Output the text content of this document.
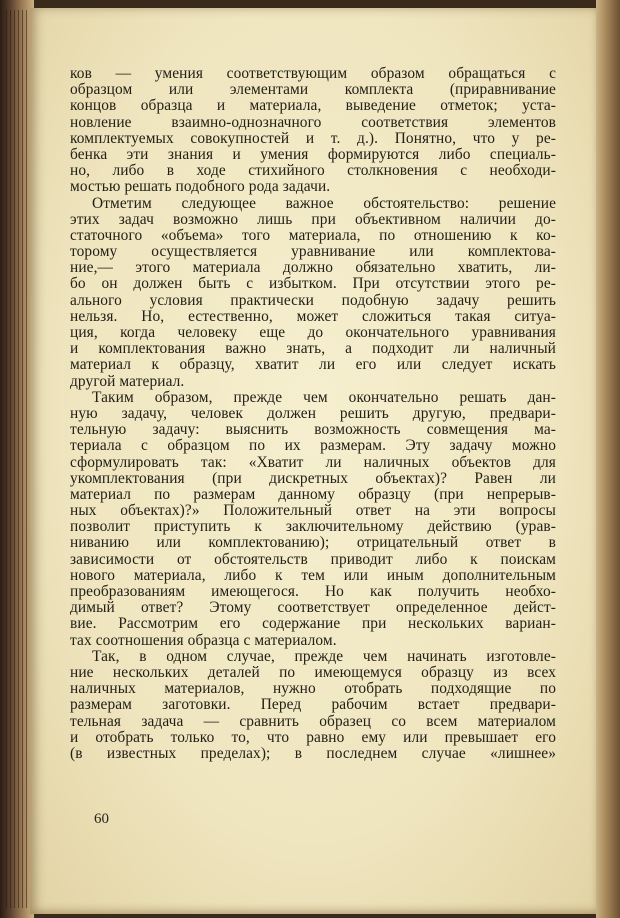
ков — умения соответствующим образом обращаться с
образцом или элементами комплекта (приравнивание
концов образца и материала, выведение отметок; уста-
новление взаимно-однозначного соответствия элементов
комплектуемых совокупностей и т. д.). Понятно, что у ре-
бенка эти знания и умения формируются либо специаль-
но, либо в ходе стихийного столкновения с необходи-
мостью решать подобного рода задачи.
Отметим следующее важное обстоятельство: решение
этих задач возможно лишь при объективном наличии до-
статочного «объема» того материала, по отношению к ко-
торому осуществляется уравнивание или комплектова-
ние,— этого материала должно обязательно хватить, ли-
бо он должен быть с избытком. При отсутствии этого ре-
ального условия практически подобную задачу решить
нельзя. Но, естественно, может сложиться такая ситуа-
ция, когда человеку еще до окончательного уравнивания
и комплектования важно знать, а подходит ли наличный
материал к образцу, хватит ли его или следует искать
другой материал.
Таким образом, прежде чем окончательно решать дан-
ную задачу, человек должен решить другую, предвари-
тельную задачу: выяснить возможность совмещения ма-
териала с образцом по их размерам. Эту задачу можно
сформулировать так: «Хватит ли наличных объектов для
укомплектования (при дискретных объектах)? Равен ли
материал по размерам данному образцу (при непрерыв-
ных объектах)?» Положительный ответ на эти вопросы
позволит приступить к заключительному действию (урав-
ниванию или комплектованию); отрицательный ответ в
зависимости от обстоятельств приводит либо к поискам
нового материала, либо к тем или иным дополнительным
преобразованиям имеющегося. Но как получить необхо-
димый ответ? Этому соответствует определенное дейст-
вие. Рассмотрим его содержание при нескольких вариан-
тах соотношения образца с материалом.
Так, в одном случае, прежде чем начинать изготовле-
ние нескольких деталей по имеющемуся образцу из всех
наличных материалов, нужно отобрать подходящие по
размерам заготовки. Перед рабочим встает предвари-
тельная задача — сравнить образец со всем материалом
и отобрать только то, что равно ему или превышает его
(в известных пределах); в последнем случае «лишнее»
60
